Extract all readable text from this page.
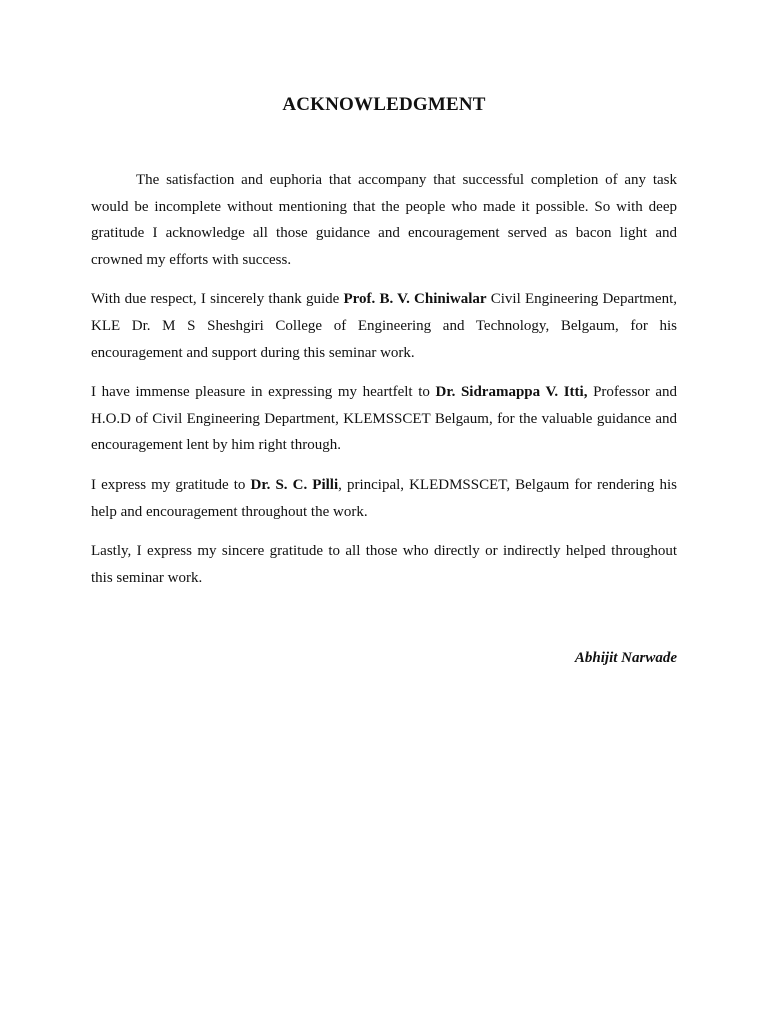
ACKNOWLEDGMENT

The satisfaction and euphoria that accompany that successful completion of any task would be incomplete without mentioning that the people who made it possible. So with deep gratitude I acknowledge all those guidance and encouragement served as bacon light and crowned my efforts with success.

With due respect, I sincerely thank guide Prof. B. V. Chiniwalar Civil Engineering Department, KLE Dr. M S Sheshgiri College of Engineering and Technology, Belgaum, for his encouragement and support during this seminar work.

I have immense pleasure in expressing my heartfelt to Dr. Sidramappa V. Itti, Professor and H.O.D of Civil Engineering Department, KLEMSSCET Belgaum, for the valuable guidance and encouragement lent by him right through.

I express my gratitude to Dr. S. C. Pilli, principal, KLEDMSSCET, Belgaum for rendering his help and encouragement throughout the work.

Lastly, I express my sincere gratitude to all those who directly or indirectly helped throughout this seminar work.

Abhijit Narwade
